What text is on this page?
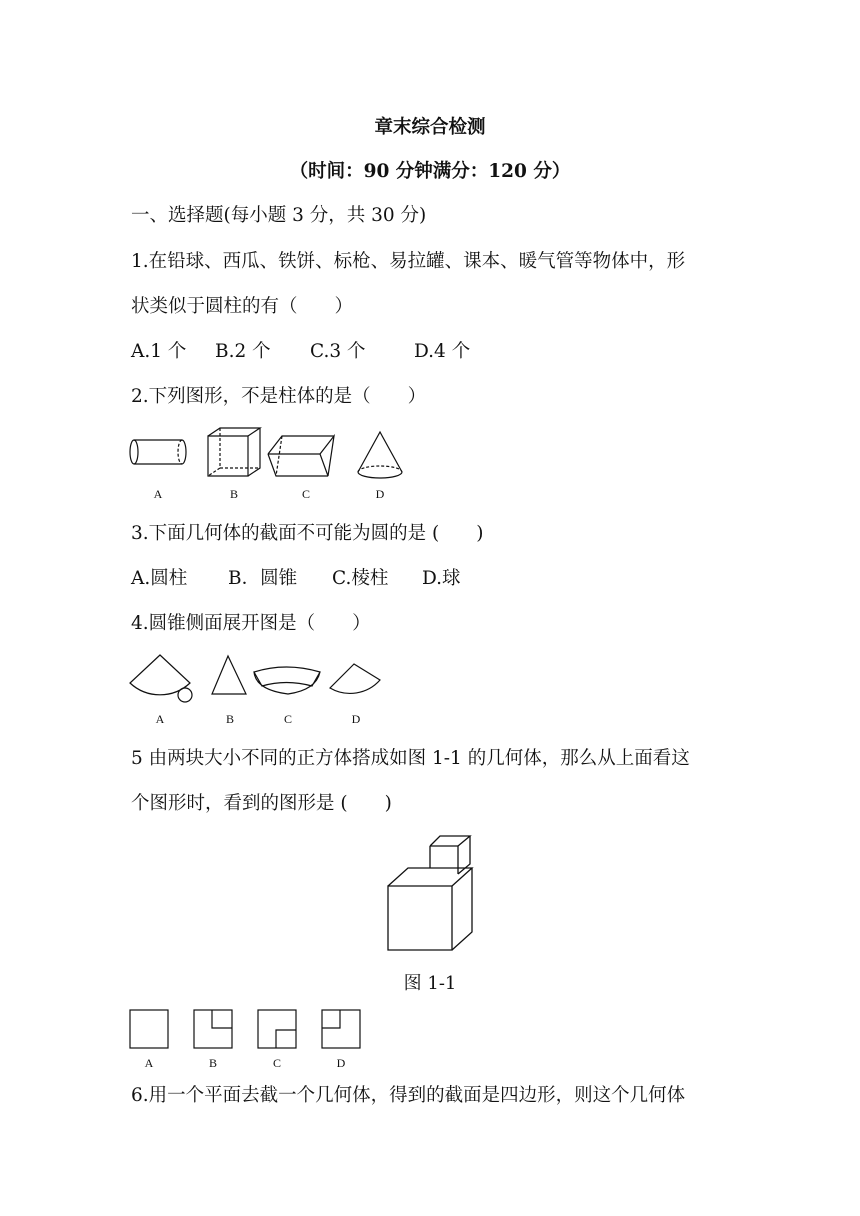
章末综合检测
（时间：90 分钟满分：120 分）
一、选择题(每小题 3 分，共 30 分)
1.在铅球、西瓜、铁饼、标枪、易拉罐、课本、暖气管等物体中，形
状类似于圆柱的有（　　）
A.1 个 B.2 个 C.3 个	D.4 个
2.下列图形，不是柱体的是（　　）
A	B	C	D
3.下面几何体的截面不可能为圆的是 (　　)
A.圆柱 B．圆锥 C.棱柱 D.球
4.圆锥侧面展开图是（　　）
A	B	C	D
5 由两块大小不同的正方体搭成如图 1-1 的几何体，那么从上面看这
个图形时，看到的图形是 (　　)
图 1-1
A	B	C	D
6.用一个平面去截一个几何体，得到的截面是四边形，则这个几何体
